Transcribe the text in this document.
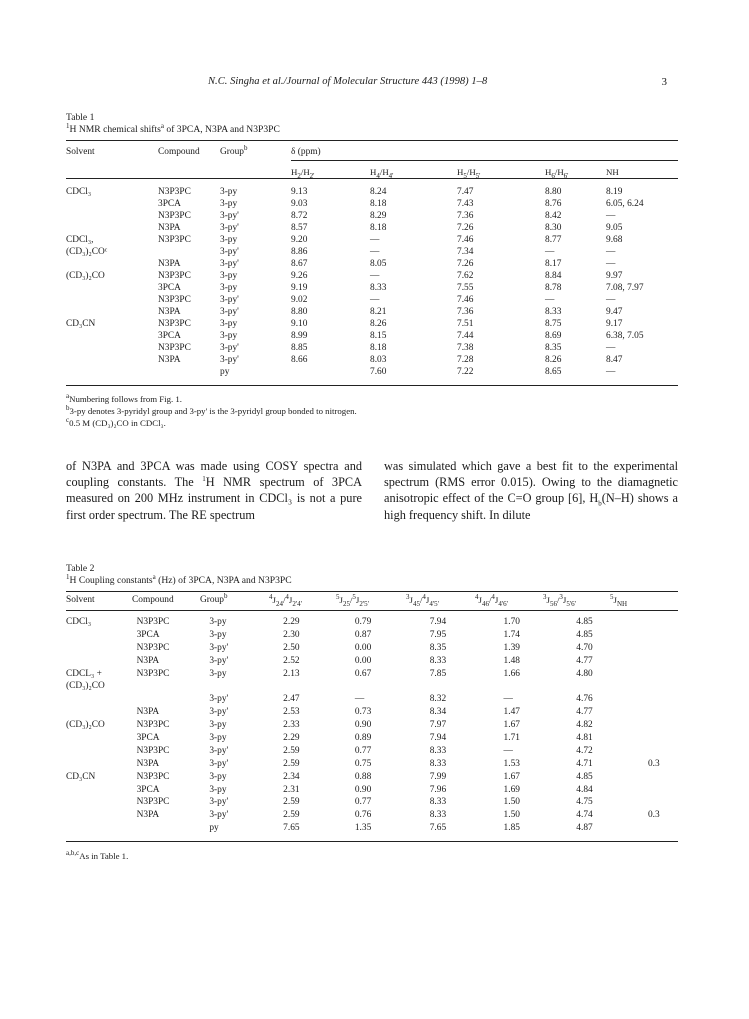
N.C. Singha et al./Journal of Molecular Structure 443 (1998) 1–8	3
Table 1
$^1$H NMR chemical shifts$^a$ of 3PCA, N3PA and N3P3PC
Solvent	Compound	Group$^b$	δ (ppm)				
			$H_2/H_{2'}$	$H_4/H_{4'}$	$H_5/H_{5'}$	$H_6/H_{6'}$	NH
CDCl₃	N3P3PC	3-py	9.13	8.24	7.47	8.80	8.19
	3PCA	3-py	9.03	8.18	7.43	8.76	6.05, 6.24
	N3P3PC	3-py'	8.72	8.29	7.36	8.42	—
	N3PA	3-py'	8.57	8.18	7.26	8.30	9.05
CDCl₃,	N3P3PC	3-py	9.20	—	7.46	8.77	9.68
(CD₃)₂COᶜ		3-py'	8.86	—	7.34	—	—
	N3PA	3-py'	8.67	8.05	7.26	8.17	—
(CD₃)₂CO	N3P3PC	3-py	9.26	—	7.62	8.84	9.97
	3PCA	3-py	9.19	8.33	7.55	8.78	7.08, 7.97
	N3P3PC	3-py'	9.02	—	7.46	—	—
	N3PA	3-py'	8.80	8.21	7.36	8.33	9.47
CD₃CN	N3P3PC	3-py	9.10	8.26	7.51	8.75	9.17
	3PCA	3-py	8.99	8.15	7.44	8.69	6.38, 7.05
	N3P3PC	3-py'	8.85	8.18	7.38	8.35	—
	N3PA	3-py'	8.66	8.03	7.28	8.26	8.47
		py		7.60	7.22	8.65	—
$^a$Numbering follows from Fig. 1.
$^b$3-py denotes 3-pyridyl group and 3-py' is the 3-pyridyl group bonded to nitrogen.
$^c$0.5 M (CD₃)₂CO in CDCl₃.

of N3PA and 3PCA was made using COSY spectra and coupling constants. The $^1$H NMR spectrum of 3PCA measured on 200 MHz instrument in CDCl₃ is not a pure first order spectrum. The RE spectrum

was simulated which gave a best fit to the experimental spectrum (RMS error 0.015). Owing to the diamagnetic anisotropic effect of the C=O group [6], $H_b(N-H)$ shows a high frequency shift. In dilute

Table 2
$^1$H Coupling constants$^a$ (Hz) of 3PCA, N3PA and N3P3PC
Solvent	Compound	Group$^b$	$^4J_{24}/^4J_{2'4'}$	$^5J_{25}/^5J_{2'5'}$	$^3J_{45}/^4J_{4'5'}$	$^4J_{46}/^4J_{4'6'}$	$^3J_{56}/^3J_{5'6'}$	$^5J_{NH}$	
CDCl₃	N3P3PC	3-py	2.29	0.79	7.94	1.70	4.85	
	3PCA	3-py	2.30	0.87	7.95	1.74	4.85	
	N3P3PC	3-py'	2.50	0.00	8.35	1.39	4.70	
	N3PA	3-py'	2.52	0.00	8.33	1.48	4.77	
CDCL₃ +	N3P3PC	3-py	2.13	0.67	7.85	1.66	4.80	
(CD₃)₂CO								
		3-py'	2.47	—	8.32	—	4.76	
	N3PA	3-py'	2.53	0.73	8.34	1.47	4.77	
(CD₃)₂CO	N3P3PC	3-py	2.33	0.90	7.97	1.67	4.82	
	3PCA	3-py	2.29	0.89	7.94	1.71	4.81	
	N3P3PC	3-py'	2.59	0.77	8.33	—	4.72	
	N3PA	3-py'	2.59	0.75	8.33	1.53	4.71	0.3
CD₃CN	N3P3PC	3-py	2.34	0.88	7.99	1.67	4.85	
	3PCA	3-py	2.31	0.90	7.96	1.69	4.84	
	N3P3PC	3-py'	2.59	0.77	8.33	1.50	4.75	
	N3PA	3-py'	2.59	0.76	8.33	1.50	4.74	0.3
		py	7.65	1.35	7.65	1.85	4.87	
$^{a,b,c}$As in Table 1.
